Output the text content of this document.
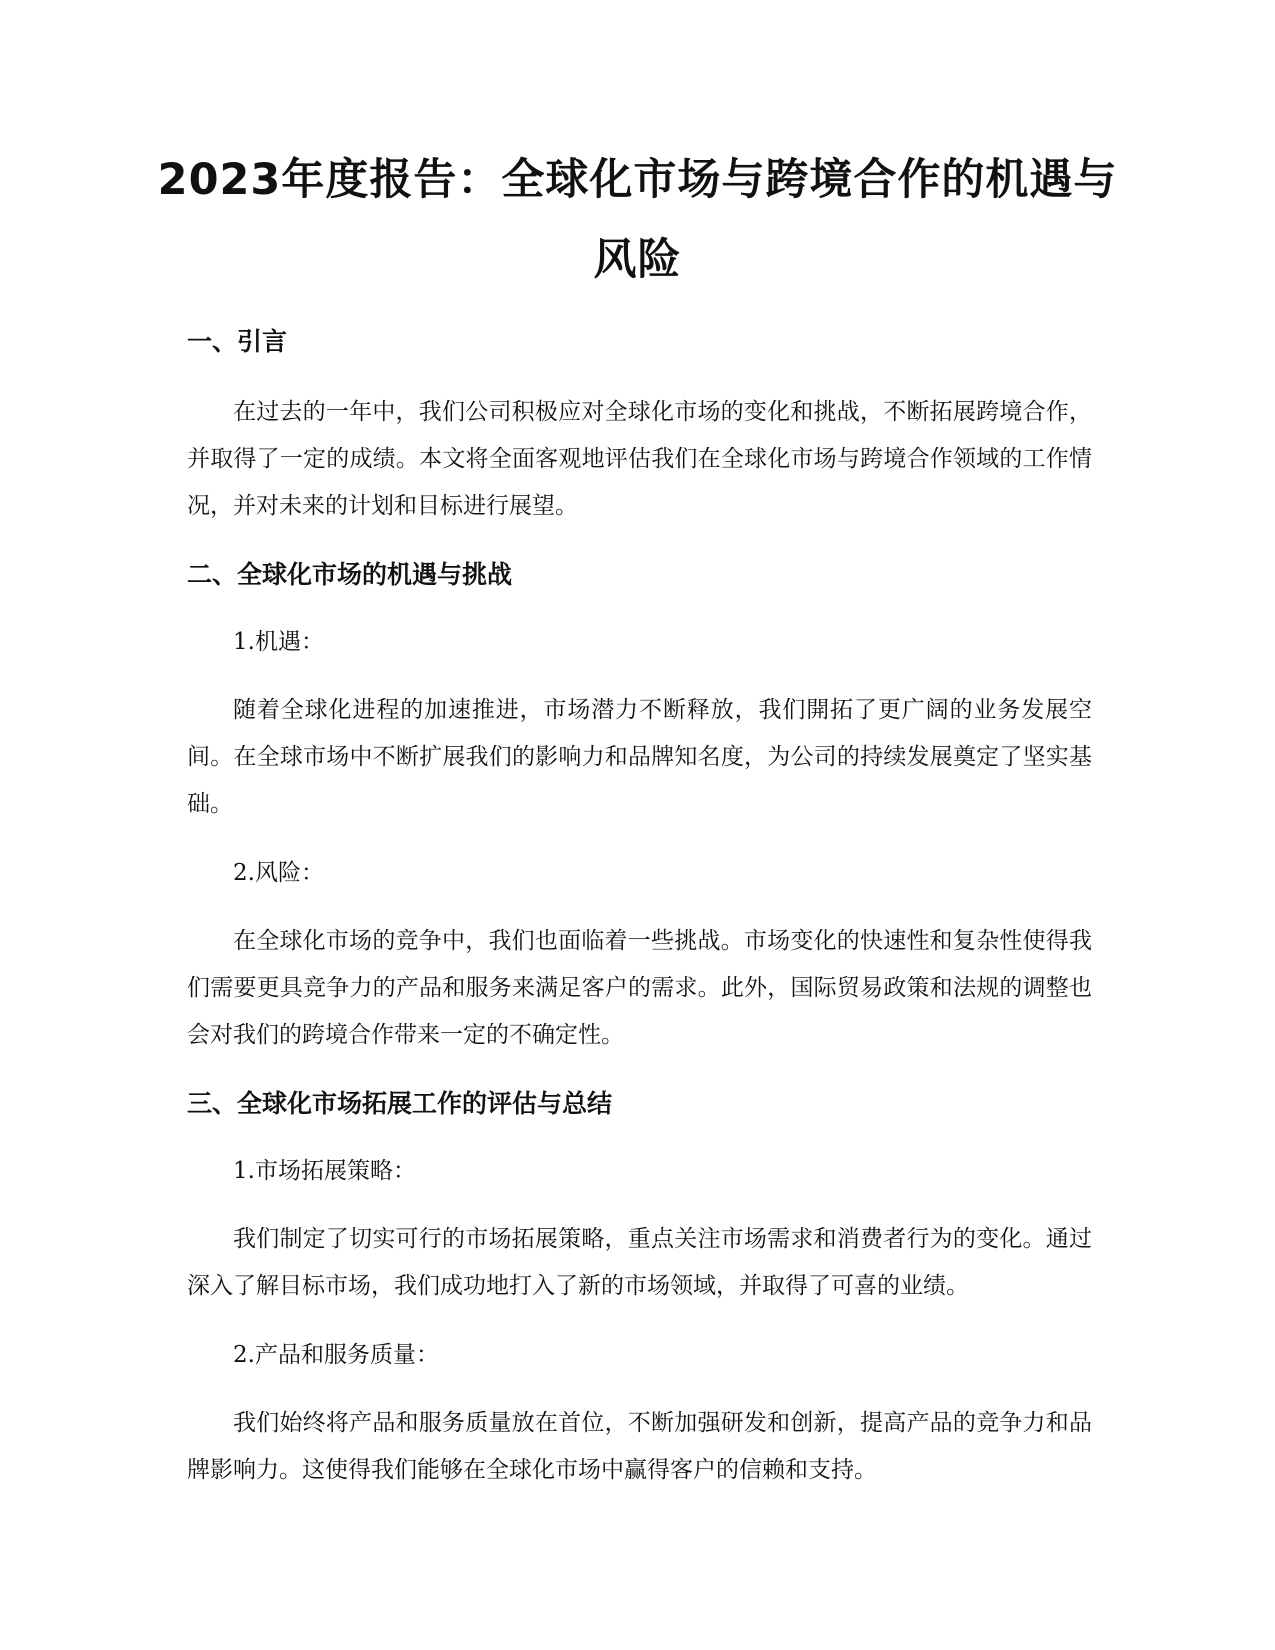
2023年度报告：全球化市场与跨境合作的机遇与风险
一、引言

在过去的一年中，我们公司积极应对全球化市场的变化和挑战，不断拓展跨境合作，并取得了一定的成绩。本文将全面客观地评估我们在全球化市场与跨境合作领域的工作情况，并对未来的计划和目标进行展望。

二、全球化市场的机遇与挑战

1.机遇：

随着全球化进程的加速推进，市场潜力不断释放，我们開拓了更广阔的业务发展空间。在全球市场中不断扩展我们的影响力和品牌知名度，为公司的持续发展奠定了坚实基础。

2.风险：

在全球化市场的竞争中，我们也面临着一些挑战。市场变化的快速性和复杂性使得我们需要更具竞争力的产品和服务来满足客户的需求。此外，国际贸易政策和法规的调整也会对我们的跨境合作带来一定的不确定性。

三、全球化市场拓展工作的评估与总结

1.市场拓展策略：

我们制定了切实可行的市场拓展策略，重点关注市场需求和消费者行为的变化。通过深入了解目标市场，我们成功地打入了新的市场领域，并取得了可喜的业绩。

2.产品和服务质量：

我们始终将产品和服务质量放在首位，不断加强研发和创新，提高产品的竞争力和品牌影响力。这使得我们能够在全球化市场中赢得客户的信赖和支持。
